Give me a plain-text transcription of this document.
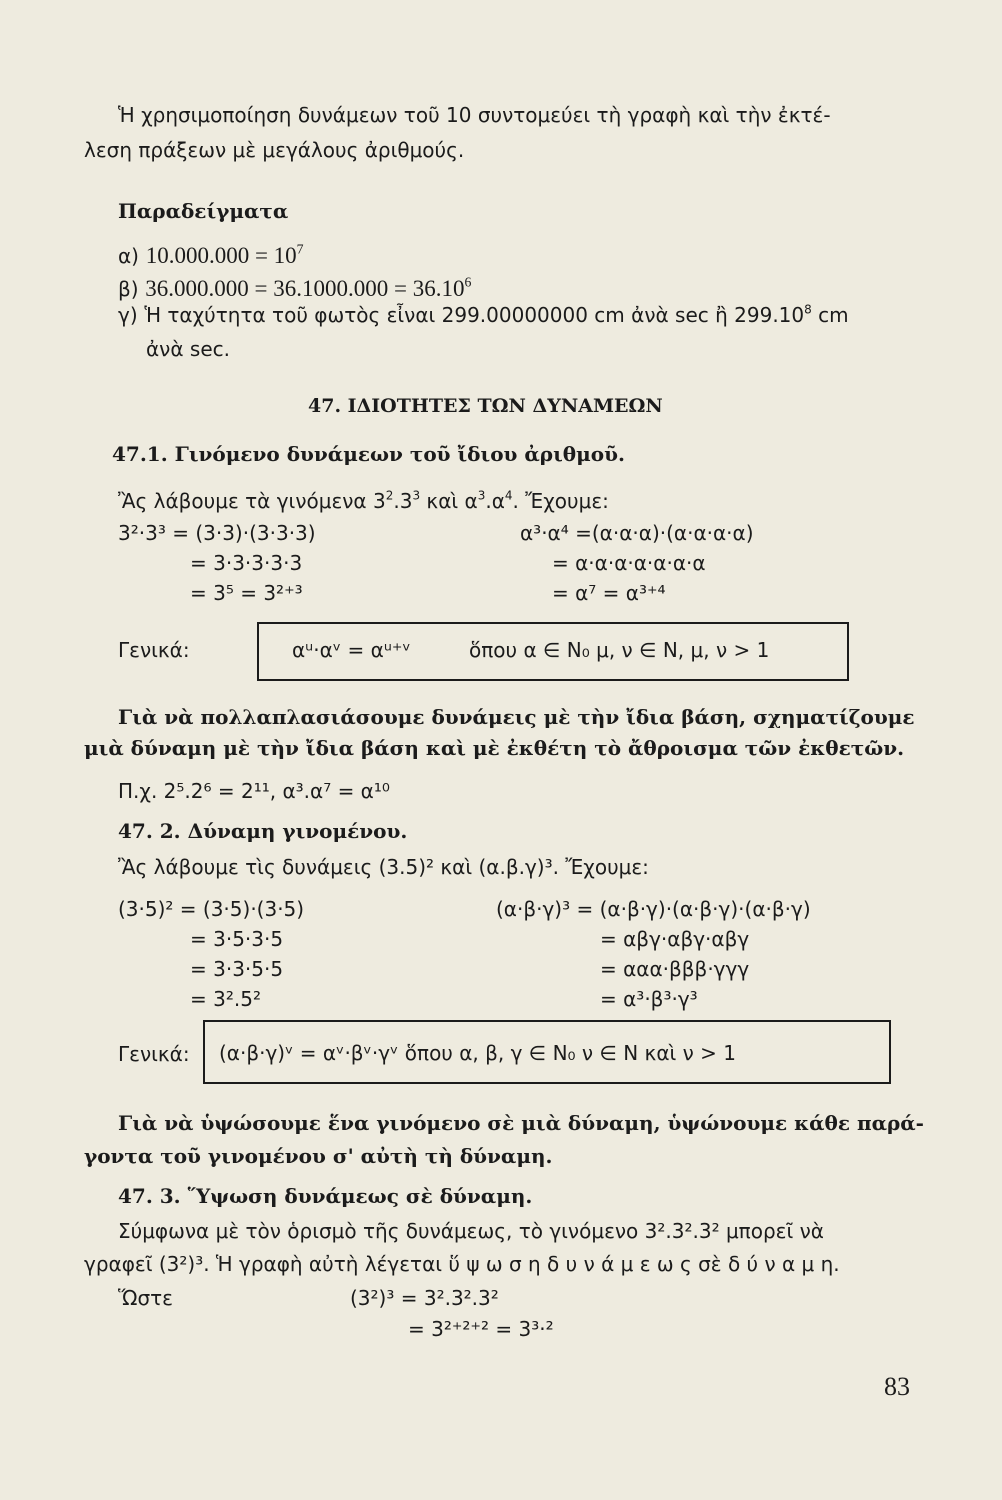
Ἡ χρησιμοποίηση δυνάμεων τοῦ 10 συντομεύει τὴ γραφὴ καὶ τὴν ἐκτέ-
λεση πράξεων μὲ μεγάλους ἀριθμούς.
Παραδείγματα
α) $10.000.000 = 10^7$
β) $36.000.000 = 36.1000.000 = 36.10^6$
γ) Ἡ ταχύτητα τοῦ φωτὸς εἶναι 299.00000000 cm ἀνὰ sec ἢ 299.10$^8$ cm
ἀνὰ sec.
47. ΙΔΙΟΤΗΤΕΣ ΤΩΝ ΔΥΝΑΜΕΩΝ
47.1. Γινόμενο δυνάμεων τοῦ ἴδιου ἀριθμοῦ.
Ἂς λάβουμε τὰ γινόμενα $3^2.3^3$ καὶ $\alpha^3.\alpha^4$. Ἔχουμε:
3²·3³ = (3·3)·(3·3·3)
= 3·3·3·3·3
= 3⁵ = 3²⁺³
α³·α⁴ =(α·α·α)·(α·α·α·α)
= α·α·α·α·α·α·α
= α⁷ = α³⁺⁴
Γενικά:	αᵘ·αᵛ = αᵘ⁺ᵛ	ὅπου α ∈ N₀ μ, ν ∈ N, μ, ν > 1
Γιὰ νὰ πολλαπλασιάσουμε δυνάμεις μὲ τὴν ἴδια βάση, σχηματίζουμε
μιὰ δύναμη μὲ τὴν ἴδια βάση καὶ μὲ ἐκθέτη τὸ ἄθροισμα τῶν ἐκθετῶν.
Π.χ. 2⁵.2⁶ = 2¹¹, α³.α⁷ = α¹⁰
47. 2. Δύναμη γινομένου.
Ἂς λάβουμε τὶς δυνάμεις (3.5)² καὶ (α.β.γ)³. Ἔχουμε:
(3·5)² = (3·5)·(3·5)
= 3·5·3·5
= 3·3·5·5
= 3².5²
(α·β·γ)³ = (α·β·γ)·(α·β·γ)·(α·β·γ)
= αβγ·αβγ·αβγ
= ααα·βββ·γγγ
= α³·β³·γ³
Γενικά: (α·β·γ)ᵛ = αᵛ·βᵛ·γᵛ ὅπου α, β, γ ∈ N₀ ν ∈ N καὶ ν > 1
Γιὰ νὰ ὑψώσουμε ἕνα γινόμενο σὲ μιὰ δύναμη, ὑψώνουμε κάθε παρά-
γοντα τοῦ γινομένου σ' αὐτὴ τὴ δύναμη.
47. 3. Ὕψωση δυνάμεως σὲ δύναμη.
Σύμφωνα μὲ τὸν ὁρισμὸ τῆς δυνάμεως, τὸ γινόμενο 3².3².3² μπορεῖ νὰ
γραφεῖ (3²)³. Ἡ γραφὴ αὐτὴ λέγεται ὕ ψ ω σ η δ υ ν ά μ ε ω ς σὲ δ ύ ν α μ η.
Ὥστε	(3²)³ = 3².3².3²
= 3²⁺²⁺² = 3³·²
83
